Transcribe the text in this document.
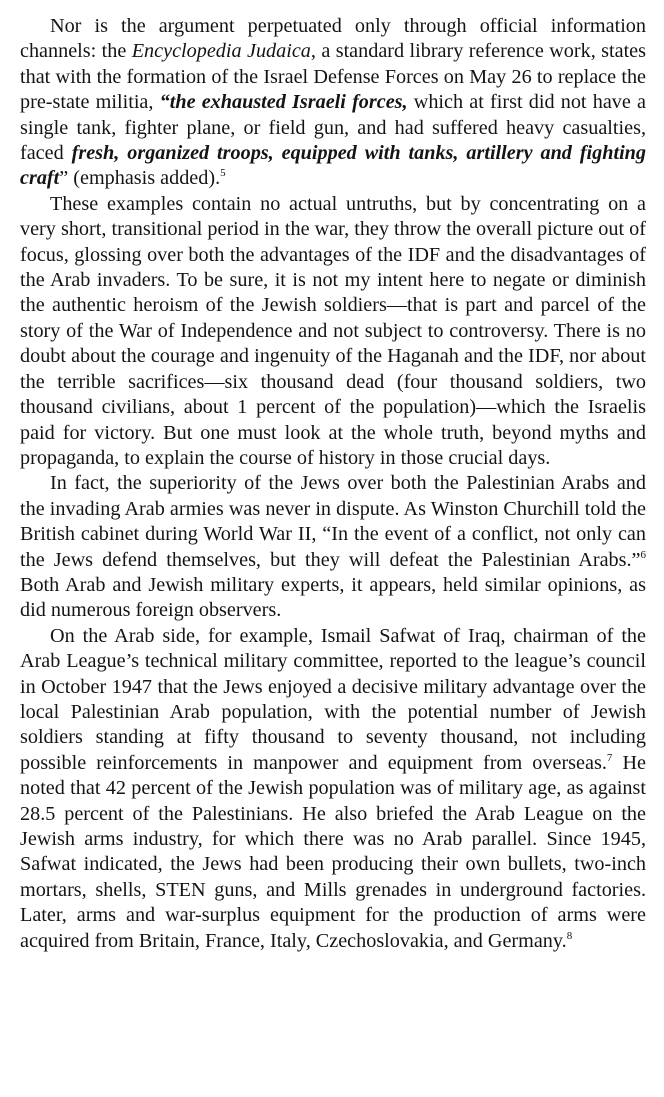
Nor is the argument perpetuated only through official information channels: the Encyclopedia Judaica, a standard library reference work, states that with the formation of the Israel Defense Forces on May 26 to replace the pre-state militia, “the exhausted Israeli forces, which at first did not have a single tank, fighter plane, or field gun, and had suffered heavy casualties, faced fresh, organized troops, equipped with tanks, artillery and fighting craft” (emphasis added).$^5$

These examples contain no actual untruths, but by concentrating on a very short, transitional period in the war, they throw the overall picture out of focus, glossing over both the advantages of the IDF and the disadvantages of the Arab invaders. To be sure, it is not my intent here to negate or diminish the authentic heroism of the Jewish soldiers—that is part and parcel of the story of the War of Independence and not subject to controversy. There is no doubt about the courage and ingenuity of the Haganah and the IDF, nor about the terrible sacrifices—six thousand dead (four thousand soldiers, two thousand civilians, about 1 percent of the population)—which the Israelis paid for victory. But one must look at the whole truth, beyond myths and propaganda, to explain the course of history in those crucial days.

In fact, the superiority of the Jews over both the Palestinian Arabs and the invading Arab armies was never in dispute. As Winston Churchill told the British cabinet during World War II, “In the event of a conflict, not only can the Jews defend themselves, but they will defeat the Palestinian Arabs.”$^6$ Both Arab and Jewish military experts, it appears, held similar opinions, as did numerous foreign observers.

On the Arab side, for example, Ismail Safwat of Iraq, chairman of the Arab League’s technical military committee, reported to the league’s council in October 1947 that the Jews enjoyed a decisive military advantage over the local Palestinian Arab population, with the potential number of Jewish soldiers standing at fifty thousand to seventy thousand, not including possible reinforcements in manpower and equipment from overseas.$^7$ He noted that 42 percent of the Jewish population was of military age, as against 28.5 percent of the Palestinians. He also briefed the Arab League on the Jewish arms industry, for which there was no Arab parallel. Since 1945, Safwat indicated, the Jews had been producing their own bullets, two-inch mortars, shells, STEN guns, and Mills grenades in underground factories. Later, arms and war-surplus equipment for the production of arms were acquired from Britain, France, Italy, Czechoslovakia, and Germany.$^8$
